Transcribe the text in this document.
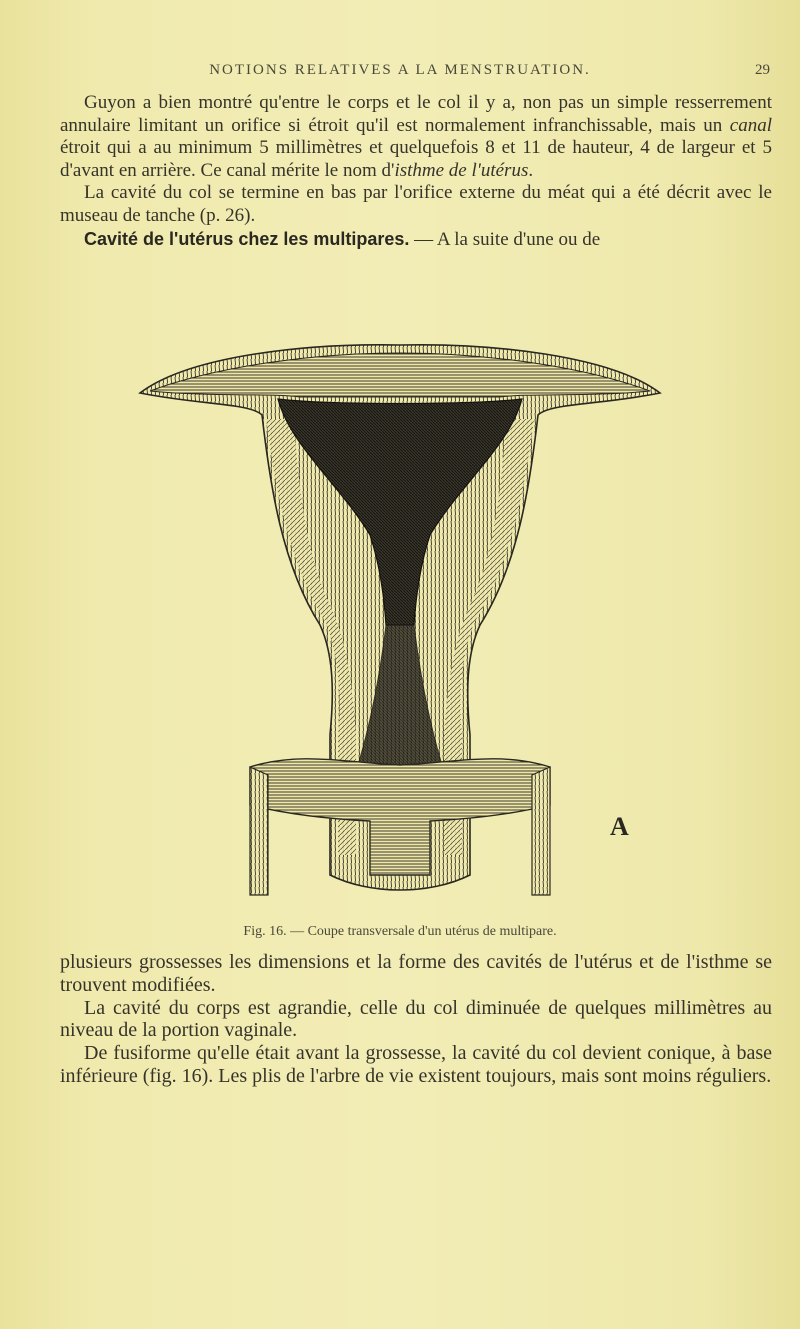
NOTIONS RELATIVES A LA MENSTRUATION.	29

Guyon a bien montré qu'entre le corps et le col il y a, non pas un simple resserrement annulaire limitant un orifice si étroit qu'il est normalement infranchissable, mais un canal étroit qui a au minimum 5 millimètres et quelquefois 8 et 11 de hauteur, 4 de largeur et 5 d'avant en arrière. Ce canal mérite le nom d'isthme de l'utérus.

La cavité du col se termine en bas par l'orifice externe du méat qui a été décrit avec le museau de tanche (p. 26).

Cavité de l'utérus chez les multipares. — A la suite d'une ou de

A
Fig. 16. — Coupe transversale d'un utérus de multipare.

plusieurs grossesses les dimensions et la forme des cavités de l'utérus et de l'isthme se trouvent modifiées.

La cavité du corps est agrandie, celle du col diminuée de quelques millimètres au niveau de la portion vaginale.

De fusiforme qu'elle était avant la grossesse, la cavité du col devient conique, à base inférieure (fig. 16). Les plis de l'arbre de vie existent toujours, mais sont moins réguliers.
